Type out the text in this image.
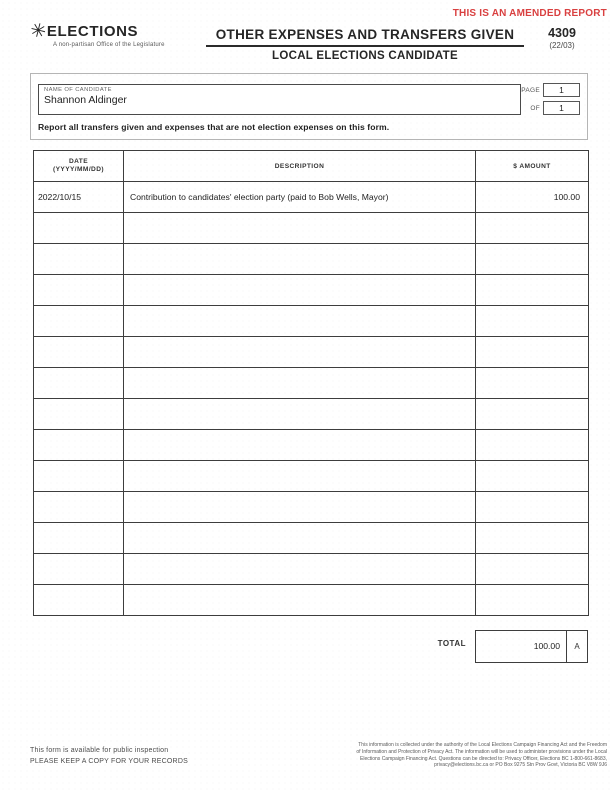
THIS IS AN AMENDED REPORT
✳
ELECTIONS
A non-partisan Office of the Legislature
OTHER EXPENSES AND TRANSFERS GIVEN
LOCAL ELECTIONS CANDIDATE
4309
(22/03)
NAME OF CANDIDATE
Shannon Aldinger
PAGE	1
OF	1
Report all transfers given and expenses that are not election expenses on this form.
DATE
(YYYY/MM/DD)	DESCRIPTION	$ AMOUNT
2022/10/15	Contribution to candidates' election party (paid to Bob Wells, Mayor)	100.00

TOTAL	100.00	A
This form is available for public inspection
PLEASE KEEP A COPY FOR YOUR RECORDS
This information is collected under the authority of the Local Elections Campaign Financing Act and the Freedom
of Information and Protection of Privacy Act. The information will be used to administer provisions under the Local
Elections Campaign Financing Act. Questions can be directed to: Privacy Officer, Elections BC 1-800-661-8683,
privacy@elections.bc.ca or PO Box 9275 Stn Prov Govt, Victoria BC V8W 9J6
